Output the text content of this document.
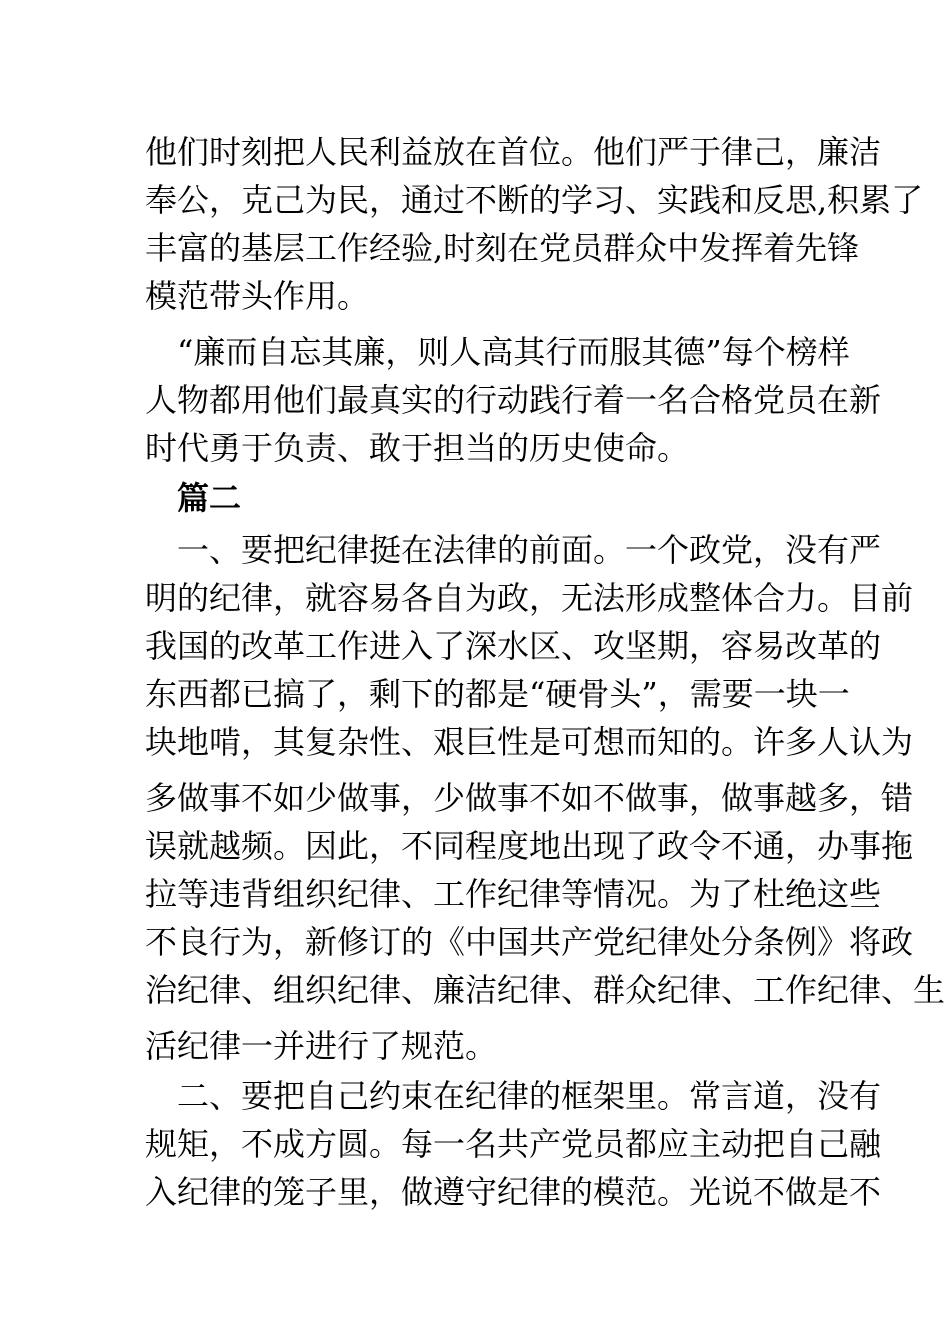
他们时刻把人民利益放在首位。他们严于律己，廉洁
奉公，克己为民，通过不断的学习、实践和反思,积累了
丰富的基层工作经验,时刻在党员群众中发挥着先锋
模范带头作用。
　“廉而自忘其廉，则人高其行而服其德”每个榜样
人物都用他们最真实的行动践行着一名合格党员在新
时代勇于负责、敢于担当的历史使命。
　篇二
　一、要把纪律挺在法律的前面。一个政党，没有严
明的纪律，就容易各自为政，无法形成整体合力。目前
我国的改革工作进入了深水区、攻坚期，容易改革的
东西都已搞了，剩下的都是“硬骨头”，需要一块一
块地啃，其复杂性、艰巨性是可想而知的。许多人认为
多做事不如少做事，少做事不如不做事，做事越多，错
误就越频。因此，不同程度地出现了政令不通，办事拖
拉等违背组织纪律、工作纪律等情况。为了杜绝这些
不良行为，新修订的《中国共产党纪律处分条例》将政
治纪律、组织纪律、廉洁纪律、群众纪律、工作纪律、生
活纪律一并进行了规范。
　二、要把自己约束在纪律的框架里。常言道，没有
规矩，不成方圆。每一名共产党员都应主动把自己融
入纪律的笼子里，做遵守纪律的模范。光说不做是不
